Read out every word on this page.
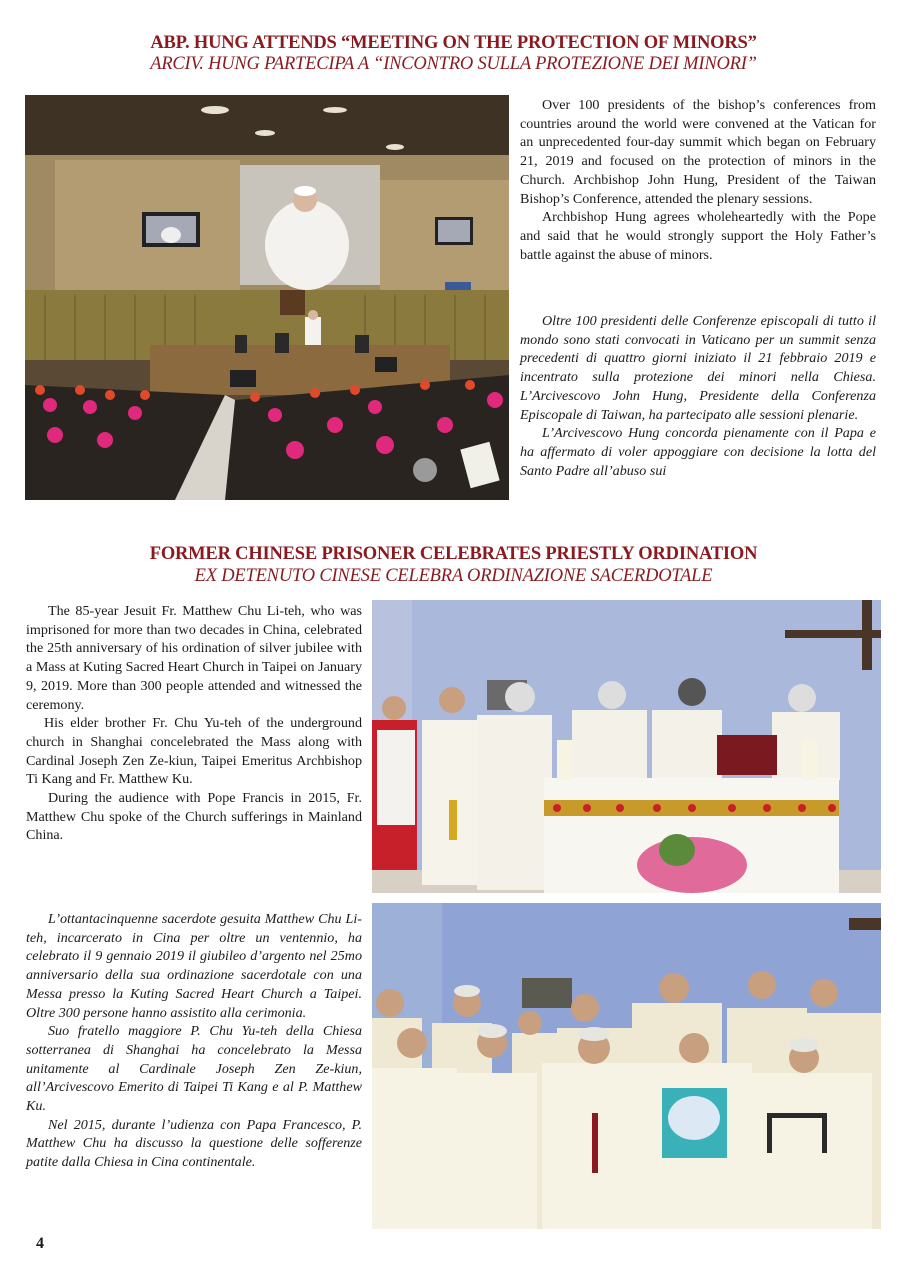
ABP. HUNG ATTENDS “MEETING ON THE PROTECTION OF MINORS”
ARCIV. HUNG PARTECIPA A “INCONTRO SULLA PROTEZIONE DEI MINORI”

Over 100 presidents of the bishop’s conferences from countries around the world were convened at the Vatican for an unprecedented four-day summit which began on February 21, 2019 and focused on the protection of minors in the Church. Archbishop John Hung, President of the Taiwan Bishop’s Conference, attended the plenary sessions.

Archbishop Hung agrees wholeheartedly with the Pope and said that he would strongly support the Holy Father’s battle against the abuse of minors.

Oltre 100 presidenti delle Conferenze episcopali di tutto il mondo sono stati convocati in Vaticano per un summit senza precedenti di quattro giorni iniziato il 21 febbraio 2019 e incentrato sulla protezione dei minori nella Chiesa. L’Arcivescovo John Hung, Presidente della Conferenza Episcopale di Taiwan, ha partecipato alle sessioni plenarie.

L’Arcivescovo Hung concorda pienamente con il Papa e ha affermato di voler appoggiare con decisione la lotta del Santo Padre all’abuso sui

FORMER CHINESE PRISONER CELEBRATES PRIESTLY ORDINATION
EX DETENUTO CINESE CELEBRA ORDINAZIONE SACERDOTALE

The 85-year Jesuit Fr. Matthew Chu Li-teh, who was imprisoned for more than two decades in China, celebrated the 25th anniversary of his ordination of silver jubilee with a Mass at Kuting Sacred Heart Church in Taipei on January 9, 2019. More than 300 people attended and witnessed the ceremony.

His elder brother Fr. Chu Yu-teh of the underground church in Shanghai concelebrated the Mass along with Cardinal Joseph Zen Ze-kiun, Taipei Emeritus Archbishop Ti Kang and Fr. Matthew Ku.

During the audience with Pope Francis in 2015, Fr. Matthew Chu spoke of the Church sufferings in Mainland China.

L’ottantacinquenne sacerdote gesuita Matthew Chu Li-teh, incarcerato in Cina per oltre un ventennio, ha celebrato il 9 gennaio 2019 il giubileo d’argento nel 25mo anniversario della sua ordinazione sacerdotale con una Messa presso la Kuting Sacred Heart Church a Taipei. Oltre 300 persone hanno assistito alla cerimonia.

Suo fratello maggiore P. Chu Yu-teh della Chiesa sotterranea di Shanghai ha concelebrato la Messa unitamente al Cardinale Joseph Zen Ze-kiun, all’Arcivescovo Emerito di Taipei Ti Kang e al P. Matthew Ku.

Nel 2015, durante l’udienza con Papa Francesco, P. Matthew Chu ha discusso la questione delle sofferenze patite dalla Chiesa in Cina continentale.

4
